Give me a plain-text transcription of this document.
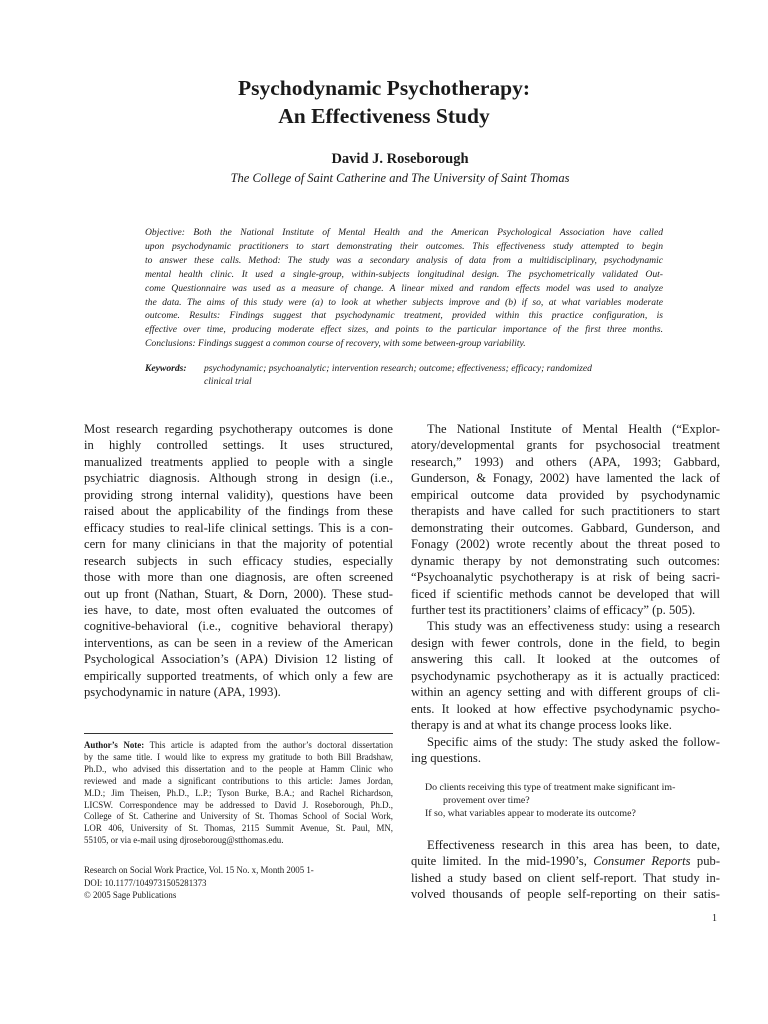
Psychodynamic Psychotherapy:
An Effectiveness Study
David J. Roseborough
The College of Saint Catherine and The University of Saint Thomas
Objective: Both the National Institute of Mental Health and the American Psychological Association have called
upon psychodynamic practitioners to start demonstrating their outcomes. This effectiveness study attempted to begin
to answer these calls. Method: The study was a secondary analysis of data from a multidisciplinary, psychodynamic
mental health clinic. It used a single-group, within-subjects longitudinal design. The psychometrically validated Out-
come Questionnaire was used as a measure of change. A linear mixed and random effects model was used to analyze
the data. The aims of this study were (a) to look at whether subjects improve and (b) if so, at what variables moderate
outcome. Results: Findings suggest that psychodynamic treatment, provided within this practice configuration, is
effective over time, producing moderate effect sizes, and points to the particular importance of the first three months.
Conclusions: Findings suggest a common course of recovery, with some between-group variability.
Keywords: psychodynamic; psychoanalytic; intervention research; outcome; effectiveness; efficacy; randomized
clinical trial
Most research regarding psychotherapy outcomes is done
in highly controlled settings. It uses structured,
manualized treatments applied to people with a single
psychiatric diagnosis. Although strong in design (i.e.,
providing strong internal validity), questions have been
raised about the applicability of the findings from these
efficacy studies to real-life clinical settings. This is a con-
cern for many clinicians in that the majority of potential
research subjects in such efficacy studies, especially
those with more than one diagnosis, are often screened
out up front (Nathan, Stuart, & Dorn, 2000). These stud-
ies have, to date, most often evaluated the outcomes of
cognitive-behavioral (i.e., cognitive behavioral therapy)
interventions, as can be seen in a review of the American
Psychological Association’s (APA) Division 12 listing of
empirically supported treatments, of which only a few are
psychodynamic in nature (APA, 1993).
Author’s Note: This article is adapted from the author’s doctoral dissertation
by the same title. I would like to express my gratitude to both Bill Bradshaw,
Ph.D., who advised this dissertation and to the people at Hamm Clinic who
reviewed and made a significant contributions to this article: James Jordan,
M.D.; Jim Theisen, Ph.D., L.P.; Tyson Burke, B.A.; and Rachel Richardson,
LICSW. Correspondence may be addressed to David J. Roseborough, Ph.D.,
College of St. Catherine and University of St. Thomas School of Social Work,
LOR 406, University of St. Thomas, 2115 Summit Avenue, St. Paul, MN,
55105, or via e-mail using djroseboroug@stthomas.edu.
Research on Social Work Practice, Vol. 15 No. x, Month 2005 1-
DOI: 10.1177/1049731505281373
© 2005 Sage Publications
The National Institute of Mental Health (“Explor-
atory/developmental grants for psychosocial treatment
research,” 1993) and others (APA, 1993; Gabbard,
Gunderson, & Fonagy, 2002) have lamented the lack of
empirical outcome data provided by psychodynamic
therapists and have called for such practitioners to start
demonstrating their outcomes. Gabbard, Gunderson, and
Fonagy (2002) wrote recently about the threat posed to
dynamic therapy by not demonstrating such outcomes:
“Psychoanalytic psychotherapy is at risk of being sacri-
ficed if scientific methods cannot be developed that will
further test its practitioners’ claims of efficacy” (p. 505).
This study was an effectiveness study: using a research
design with fewer controls, done in the field, to begin
answering this call. It looked at the outcomes of
psychodynamic psychotherapy as it is actually practiced:
within an agency setting and with different groups of cli-
ents. It looked at how effective psychodynamic psycho-
therapy is and at what its change process looks like.
Specific aims of the study: The study asked the follow-
ing questions.
Do clients receiving this type of treatment make significant im-
provement over time?
If so, what variables appear to moderate its outcome?
Effectiveness research in this area has been, to date,
quite limited. In the mid-1990’s, Consumer Reports pub-
lished a study based on client self-report. That study in-
volved thousands of people self-reporting on their satis-
1
